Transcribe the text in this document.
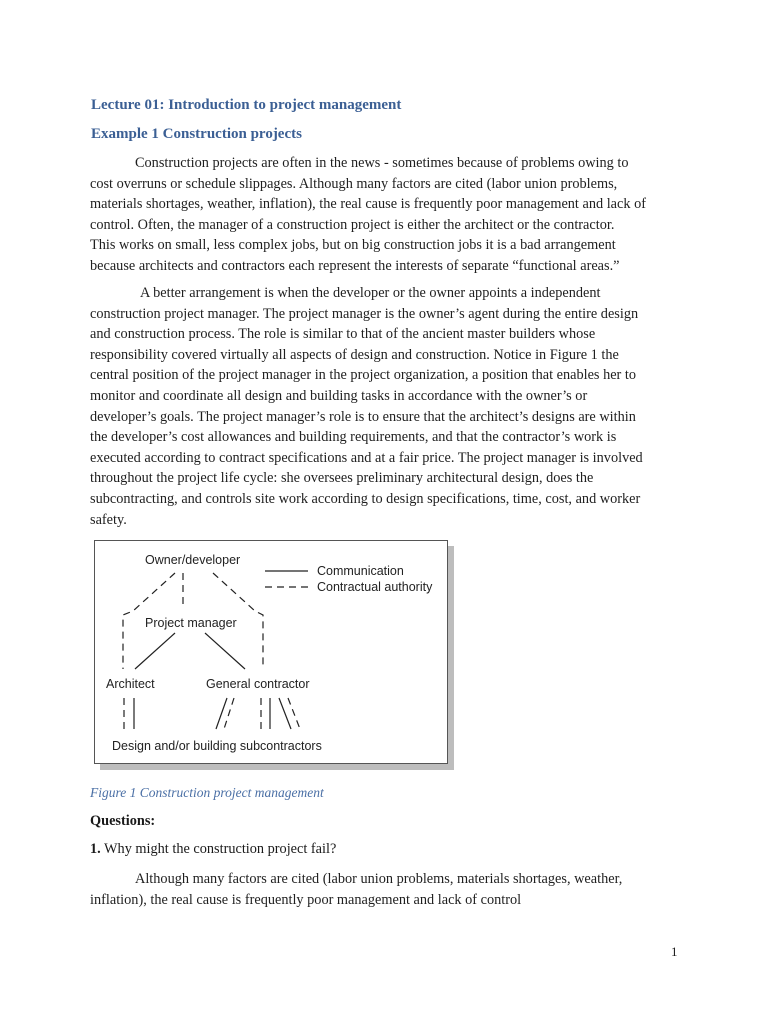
Lecture 01: Introduction to project management

Example 1 Construction projects

Construction projects are often in the news - sometimes because of problems owing to
cost overruns or schedule slippages. Although many factors are cited (labor union problems,
materials shortages, weather, inflation), the real cause is frequently poor management and lack of
control. Often, the manager of a construction project is either the architect or the contractor.
This works on small, less complex jobs, but on big construction jobs it is a bad arrangement
because architects and contractors each represent the interests of separate “functional areas.”
A better arrangement is when the developer or the owner appoints a independent
construction project manager. The project manager is the owner’s agent during the entire design
and construction process. The role is similar to that of the ancient master builders whose
responsibility covered virtually all aspects of design and construction. Notice in Figure 1 the
central position of the project manager in the project organization, a position that enables her to
monitor and coordinate all design and building tasks in accordance with the owner’s or
developer’s goals. The project manager’s role is to ensure that the architect’s designs are within
the developer’s cost allowances and building requirements, and that the contractor’s work is
executed according to contract specifications and at a fair price. The project manager is involved
throughout the project life cycle: she oversees preliminary architectural design, does the
subcontracting, and controls site work according to design specifications, time, cost, and worker
safety.
Owner/developer
Project manager
Architect	General contractor
Design and/or building subcontractors
Communication
Contractual authority

Figure 1 Construction project management

Questions:

1. Why might the construction project fail?

Although many factors are cited (labor union problems, materials shortages, weather,
inflation), the real cause is frequently poor management and lack of control

1
